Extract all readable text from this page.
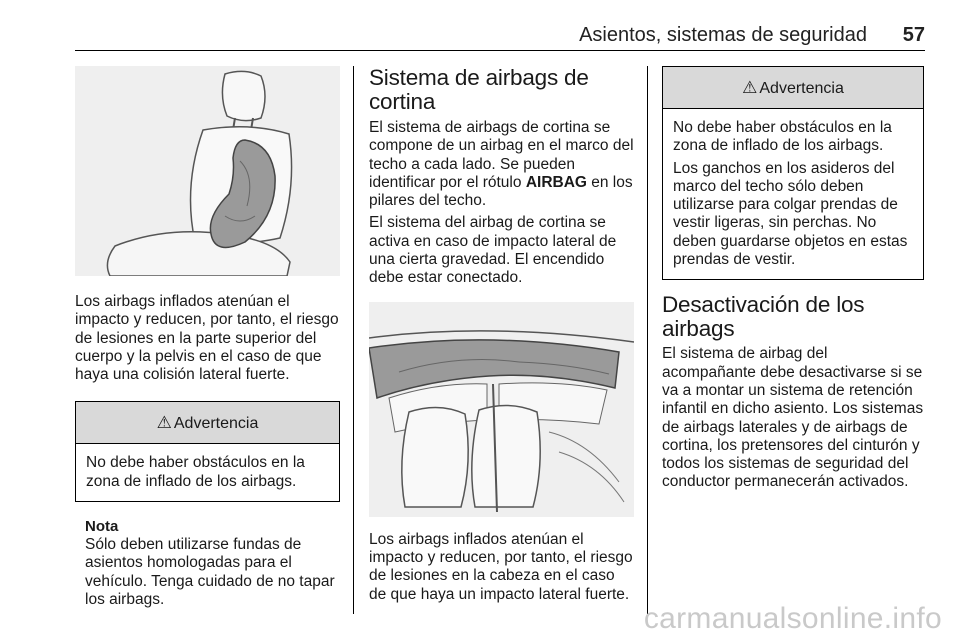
Asientos, sistemas de seguridad 57

Los airbags inflados atenúan el impacto y reducen, por tanto, el riesgo de lesiones en la parte superior del cuerpo y la pelvis en el caso de que haya una colisión lateral fuerte.

⚠ Advertencia

No debe haber obstáculos en la zona de inflado de los airbags.

Nota

Sólo deben utilizarse fundas de asientos homologadas para el vehículo. Tenga cuidado de no tapar los airbags.

Sistema de airbags de cortina

El sistema de airbags de cortina se compone de un airbag en el marco del techo a cada lado. Se pueden identificar por el rótulo AIRBAG en los pilares del techo.

El sistema del airbag de cortina se activa en caso de impacto lateral de una cierta gravedad. El encendido debe estar conectado.

Los airbags inflados atenúan el impacto y reducen, por tanto, el riesgo de lesiones en la cabeza en el caso de que haya un impacto lateral fuerte.

⚠ Advertencia

No debe haber obstáculos en la zona de inflado de los airbags.

Los ganchos en los asideros del marco del techo sólo deben utilizarse para colgar prendas de vestir ligeras, sin perchas. No deben guardarse objetos en estas prendas de vestir.

Desactivación de los airbags

El sistema de airbag del acompañante debe desactivarse si se va a montar un sistema de retención infantil en dicho asiento. Los sistemas de airbags laterales y de airbags de cortina, los pretensores del cinturón y todos los sistemas de seguridad del conductor permanecerán activados.

carmanualsonline.info
